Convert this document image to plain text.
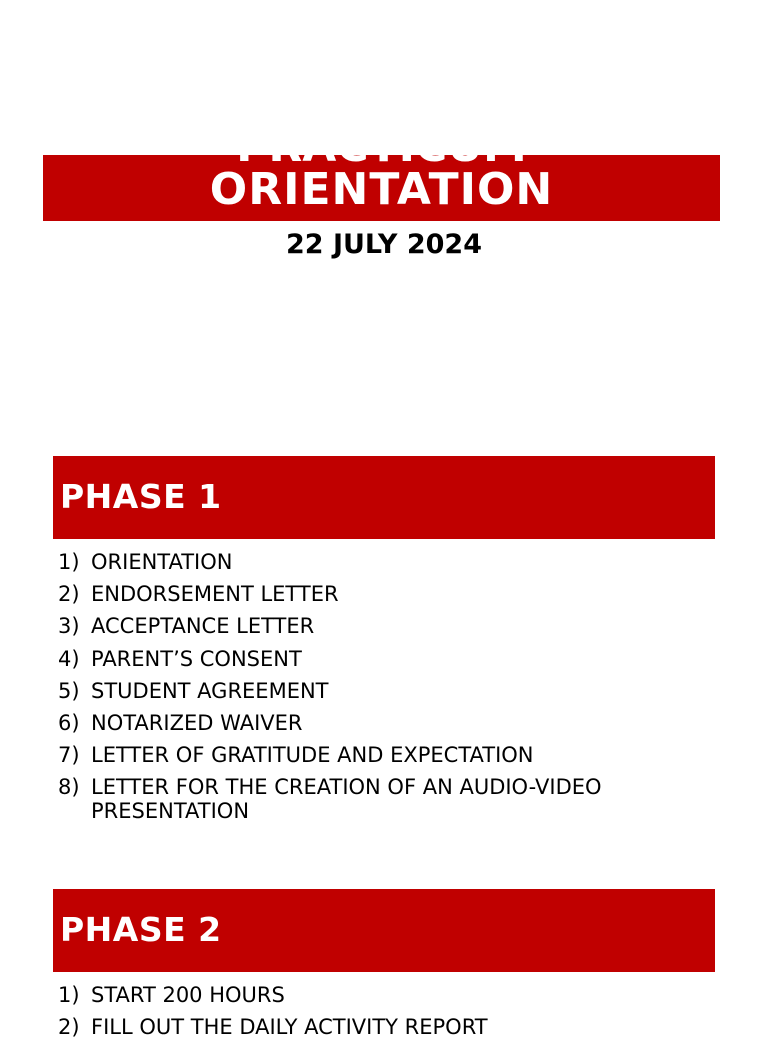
PRACTICUM
ORIENTATION
22 JULY 2024
PHASE 1
1) ORIENTATION
2) ENDORSEMENT LETTER
3) ACCEPTANCE LETTER
4) PARENT’S CONSENT
5) STUDENT AGREEMENT
6) NOTARIZED WAIVER
7) LETTER OF GRATITUDE AND EXPECTATION
8) LETTER FOR THE CREATION OF AN AUDIO-VIDEO PRESENTATION
PHASE 2
1) START 200 HOURS
2) FILL OUT THE DAILY ACTIVITY REPORT
